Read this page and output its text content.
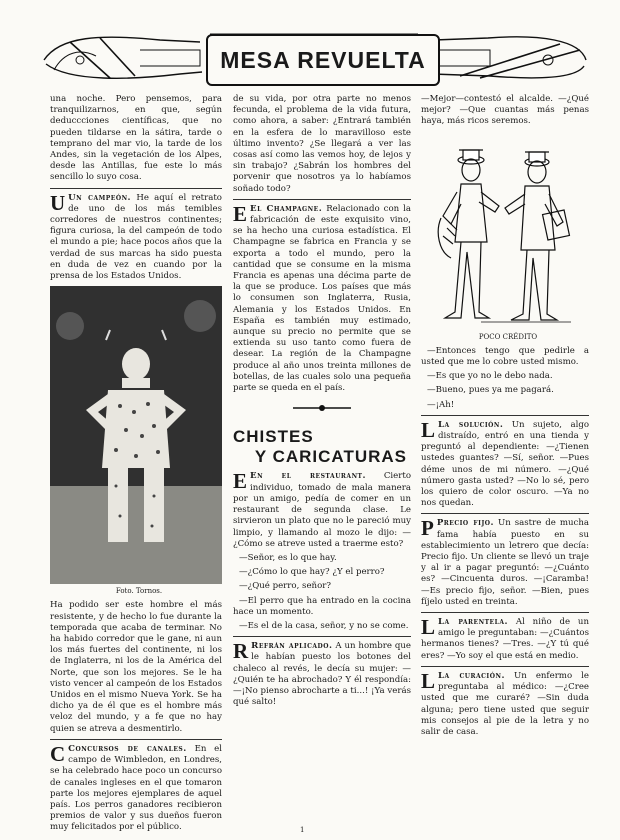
MESA REVUELTA

una noche. Pero pensemos, para tranquilizarnos, en que, según deduccciones científicas, que no pueden tildarse en la sátira, tarde o temprano del mar vio, la tarde de los Andes, sin la vegetación de los Alpes, desde las Antillas, fue este lo más sencillo lo suyo cosa.

U Un campeón. He aquí el retrato de uno de los más temibles corredores de nuestros continentes; figura curiosa, la del campeón de todo el mundo a pie; hace pocos años que la verdad de sus marcas ha sido puesta en duda de vez en cuando por la prensa de los Estados Unidos.

Foto. Tornos.

Ha podido ser este hombre el más resistente, y de hecho lo fue durante la temporada que acaba de terminar. No ha habido corredor que le gane, ni aun los más fuertes del continente, ni los de Inglaterra, ni los de la América del Norte, que son los mejores. Se le ha visto vencer al campeón de los Estados Unidos en el mismo Nueva York. Se ha dicho ya de él que es el hombre más veloz del mundo, y a fe que no hay quien se atreva a desmentirlo.

C Concursos de canales. En el campo de Wimbledon, en Londres, se ha celebrado hace poco un concurso de canales ingleses en el que tomaron parte los mejores ejemplares de aquel país. Los perros ganadores recibieron premios de valor y sus dueños fueron muy felicitados por el público.

de su vida, por otra parte no menos fecunda, el problema de la vida futura, como ahora, a saber: ¿Entrará también en la esfera de lo maravilloso este último invento? ¿Se llegará a ver las cosas así como las vemos hoy, de lejos y sin trabajo? ¿Sabrán los hombres del porvenir que nosotros ya lo habíamos soñado todo?

E El Champagne. Relacionado con la fabricación de este exquisito vino, se ha hecho una curiosa estadística. El Champagne se fabrica en Francia y se exporta a todo el mundo, pero la cantidad que se consume en la misma Francia es apenas una décima parte de la que se produce. Los países que más lo consumen son Inglaterra, Rusia, Alemania y los Estados Unidos. En España es también muy estimado, aunque su precio no permite que se extienda su uso tanto como fuera de desear. La región de la Champagne produce al año unos treinta millones de botellas, de las cuales solo una pequeña parte se queda en el país.

CHISTES
Y CARICATURAS

E En el restaurant. Cierto individuo, tomado de mala manera por un amigo, pedía de comer en un restaurant de segunda clase. Le sirvieron un plato que no le pareció muy limpio, y llamando al mozo le dijo: —¿Cómo se atreve usted a traerme esto?

—Señor, es lo que hay.

—¿Cómo lo que hay? ¿Y el perro?

—¿Qué perro, señor?

—El perro que ha entrado en la cocina hace un momento.

—Es el de la casa, señor, y no se come.

R Refrán aplicado. A un hombre que le habían puesto los botones del chaleco al revés, le decía su mujer: —¿Quién te ha abrochado? Y él respondía: —¡No pienso abrocharte a ti...! ¡Ya verás qué salto!

—Mejor—contestó el alcalde. —¿Qué mejor? —Que cuantas más penas haya, más ricos seremos.

POCO CRÉDITO

—Entonces tengo que pedirle a usted que me lo cobre usted mismo.

—Es que yo no le debo nada.

—Bueno, pues ya me pagará.

—¡Ah!

L La solución. Un sujeto, algo distraído, entró en una tienda y preguntó al dependiente: —¿Tienen ustedes guantes? —Sí, señor. —Pues déme unos de mi número. —¿Qué número gasta usted? —No lo sé, pero los quiero de color oscuro. —Ya no nos quedan.

P Precio fijo. Un sastre de mucha fama había puesto en su establecimiento un letrero que decía: Precio fijo. Un cliente se llevó un traje y al ir a pagar preguntó: —¿Cuánto es? —Cincuenta duros. —¡Caramba! —Es precio fijo, señor. —Bien, pues fíjelo usted en treinta.

L La parentela. Al niño de un amigo le preguntaban: —¿Cuántos hermanos tienes? —Tres. —¿Y tú qué eres? —Yo soy el que está en medio.

L La curación. Un enfermo le preguntaba al médico: —¿Cree usted que me curaré? —Sin duda alguna; pero tiene usted que seguir mis consejos al pie de la letra y no salir de casa.

1
